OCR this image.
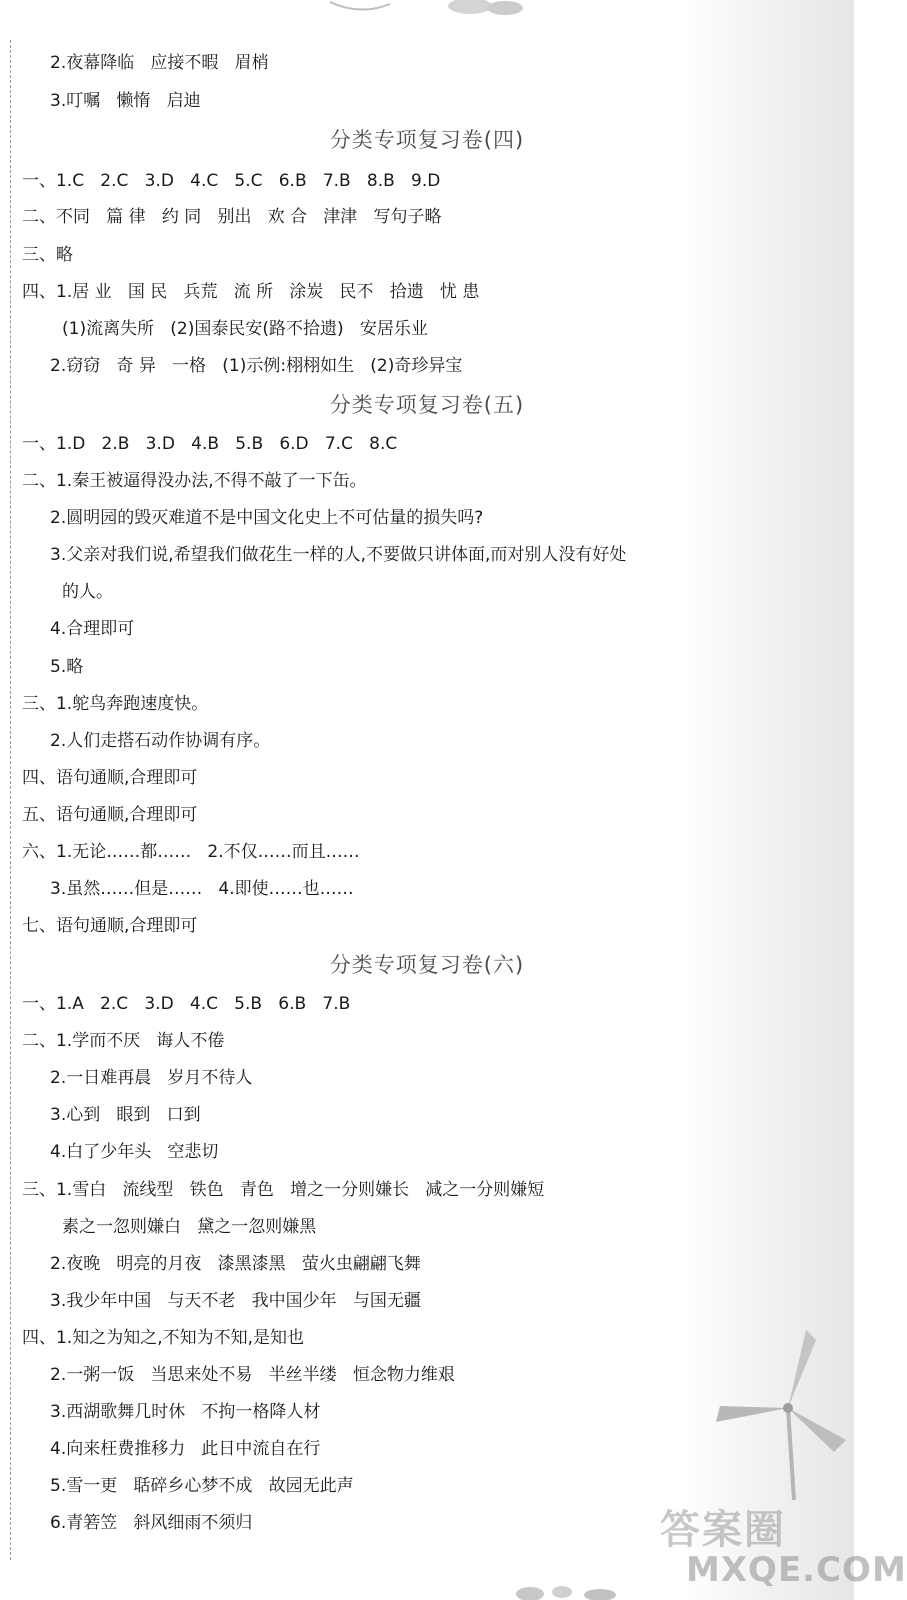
2.夜幕降临   应接不暇   眉梢
3.叮嘱   懒惰   启迪
分类专项复习卷(四)
一、1.C   2.C   3.D   4.C   5.C   6.B   7.B   8.B   9.D
二、不同   篇 律   约 同   别出   欢 合   津津   写句子略
三、略
四、1.居 业   国 民   兵荒   流 所   涂炭   民不   拾遗   忧 患
(1)流离失所   (2)国泰民安(路不拾遗)   安居乐业
2.窃窃   奇 异   一格   (1)示例:栩栩如生   (2)奇珍异宝
分类专项复习卷(五)
一、1.D   2.B   3.D   4.B   5.B   6.D   7.C   8.C
二、1.秦王被逼得没办法,不得不敲了一下缶。
2.圆明园的毁灭难道不是中国文化史上不可估量的损失吗?
3.父亲对我们说,希望我们做花生一样的人,不要做只讲体面,而对别人没有好处
的人。
4.合理即可
5.略
三、1.鸵鸟奔跑速度快。
2.人们走搭石动作协调有序。
四、语句通顺,合理即可
五、语句通顺,合理即可
六、1.无论……都……   2.不仅……而且……
3.虽然……但是……   4.即使……也……
七、语句通顺,合理即可
分类专项复习卷(六)
一、1.A   2.C   3.D   4.C   5.B   6.B   7.B
二、1.学而不厌   诲人不倦
2.一日难再晨   岁月不待人
3.心到   眼到   口到
4.白了少年头   空悲切
三、1.雪白   流线型   铁色   青色   增之一分则嫌长   减之一分则嫌短
素之一忽则嫌白   黛之一忽则嫌黑
2.夜晚   明亮的月夜   漆黑漆黑   萤火虫翩翩飞舞
3.我少年中国   与天不老   我中国少年   与国无疆
四、1.知之为知之,不知为不知,是知也
2.一粥一饭   当思来处不易   半丝半缕   恒念物力维艰
3.西湖歌舞几时休   不拘一格降人材
4.向来枉费推移力   此日中流自在行
5.雪一更   聒碎乡心梦不成   故园无此声
6.青箬笠   斜风细雨不须归	答案圈
MXQE.COM
